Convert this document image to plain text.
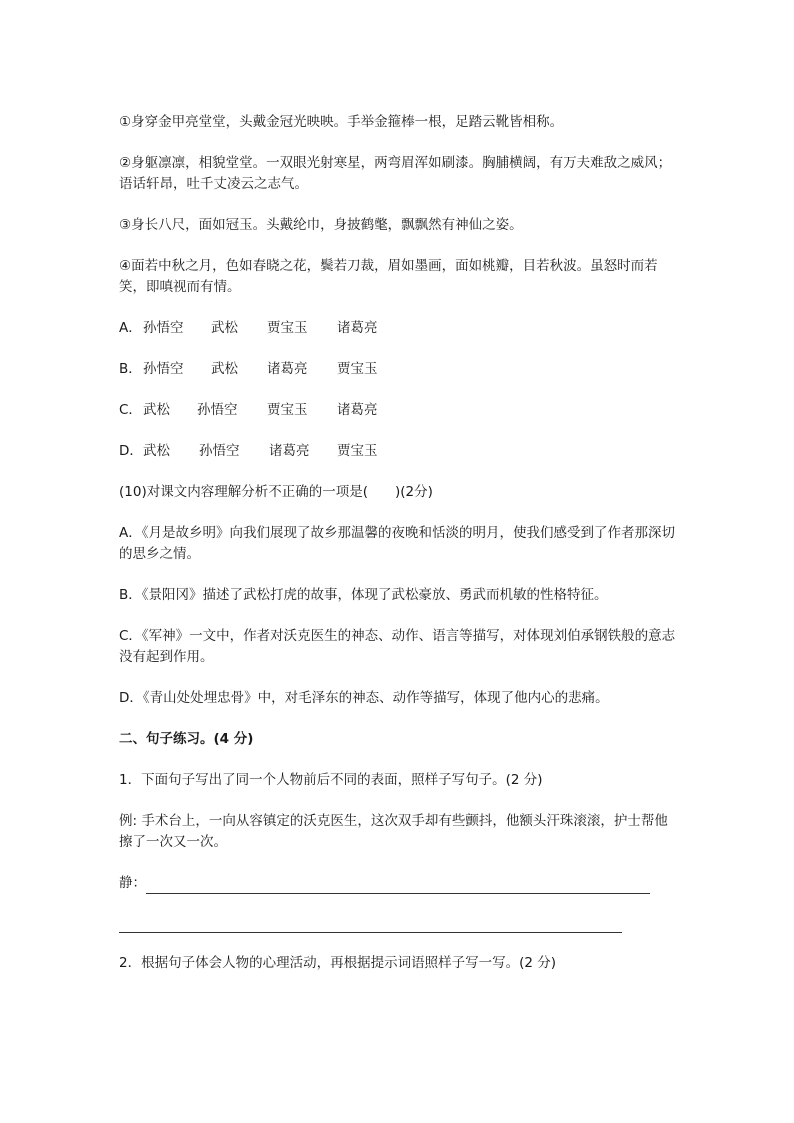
①身穿金甲亮堂堂，头戴金冠光映映。手举金箍棒一根，足踏云靴皆相称。

②身躯凛凛，相貌堂堂。一双眼光射寒星，两弯眉浑如刷漆。胸脯横阔，有万夫难敌之威风；语话轩昂，吐千丈凌云之志气。

③身长八尺，面如冠玉。头戴纶巾，身披鹤氅，飘飘然有神仙之姿。

④面若中秋之月，色如春晓之花，鬓若刀裁，眉如墨画，面如桃瓣，目若秋波。虽怒时而若笑，即嗔视而有情。

A． 孙悟空	武松	贾宝玉	诸葛亮
B． 孙悟空	武松	诸葛亮	贾宝玉
C． 武松	孙悟空	贾宝玉	诸葛亮
D． 武松	孙悟空	诸葛亮	贾宝玉

(10)对课文内容理解分析不正确的一项是(　　)(2分)

A．《月是故乡明》向我们展现了故乡那温馨的夜晚和恬淡的明月，使我们感受到了作者那深切的思乡之情。

B．《景阳冈》描述了武松打虎的故事，体现了武松豪放、勇武而机敏的性格特征。

C．《军神》一文中，作者对沃克医生的神态、动作、语言等描写，对体现刘伯承钢铁般的意志没有起到作用。

D．《青山处处埋忠骨》中，对毛泽东的神态、动作等描写，体现了他内心的悲痛。

二、句子练习。(4 分)

1．下面句子写出了同一个人物前后不同的表面，照样子写句子。(2 分)

例: 手术台上，一向从容镇定的沃克医生，这次双手却有些颤抖，他额头汗珠滚滚，护士帮他擦了一次又一次。

静：

2．根据句子体会人物的心理活动，再根据提示词语照样子写一写。(2 分)
